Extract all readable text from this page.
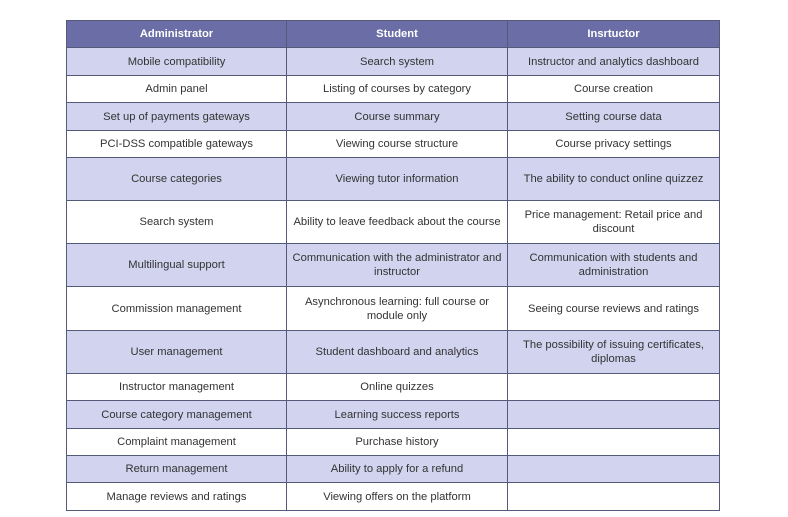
Administrator	Student	Insrtuctor
Mobile compatibility	Search system	Instructor and analytics dashboard
Admin panel	Listing of courses by category	Course creation
Set up of payments gateways	Course summary	Setting course data
PCI-DSS compatible gateways	Viewing course structure	Course privacy settings
Course categories	Viewing tutor information	The ability to conduct online quizzez
Search system	Ability to leave feedback about the course	Price management: Retail price and discount
Multilingual support	Communication with the administrator and instructor	Communication with students and administration
Commission management	Asynchronous learning: full course or module only	Seeing course reviews and ratings
User management	Student dashboard and analytics	The possibility of issuing certificates, diplomas
Instructor management	Online quizzes	
Course category management	Learning success reports	
Complaint management	Purchase history	
Return management	Ability to apply for a refund	
Manage reviews and ratings	Viewing offers on the platform	
